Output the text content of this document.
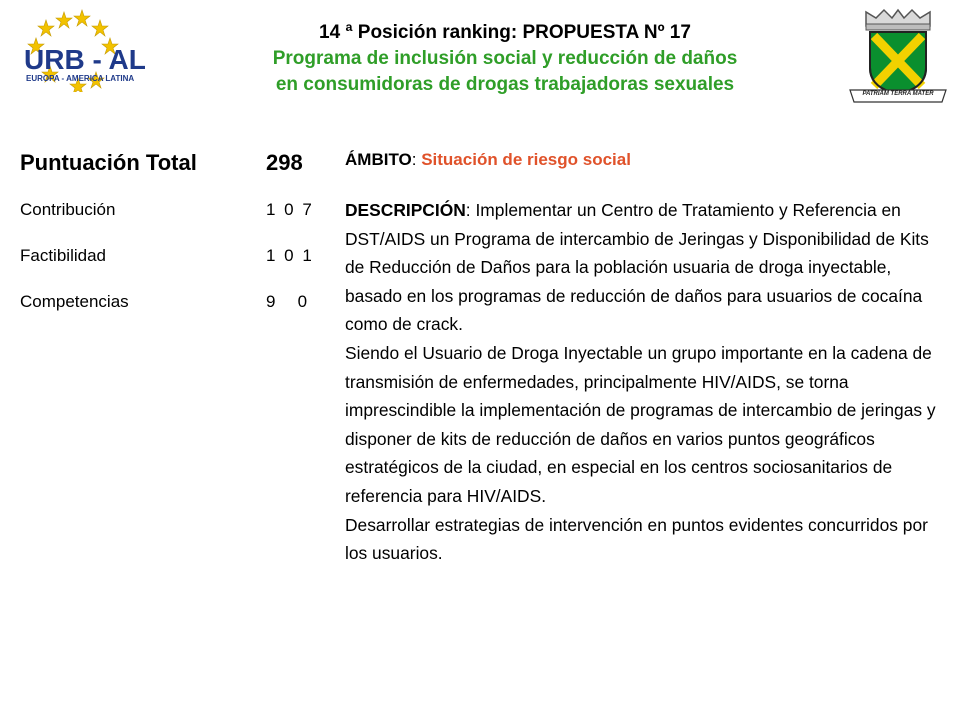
URB - AL
EUROPA - AMERICA LATINA
PATRIAM TERRA MATER
14 ª Posición ranking: PROPUESTA Nº 17
Programa de inclusión social y reducción de daños
en consumidoras de drogas trabajadoras sexuales
Puntuación Total	298
Contribución	1 0 7
Factibilidad	1 0 1
Competencias	9   0
ÁMBITO: Situación de riesgo social

DESCRIPCIÓN: Implementar un Centro de Tratamiento y Referencia en DST/AIDS un Programa de intercambio de Jeringas y Disponibilidad de Kits de Reducción de Daños para la población usuaria de droga inyectable, basado en los programas de reducción de daños para usuarios de cocaína como de crack.

Siendo el Usuario de Droga Inyectable un grupo importante en la cadena de transmisión de enfermedades, principalmente HIV/AIDS, se torna imprescindible la implementación de programas de intercambio de jeringas y disponer de kits de reducción de daños en varios puntos geográficos estratégicos de la ciudad, en especial en los centros sociosanitarios de referencia para HIV/AIDS.

Desarrollar estrategias de intervención en puntos evidentes concurridos por los usuarios.
